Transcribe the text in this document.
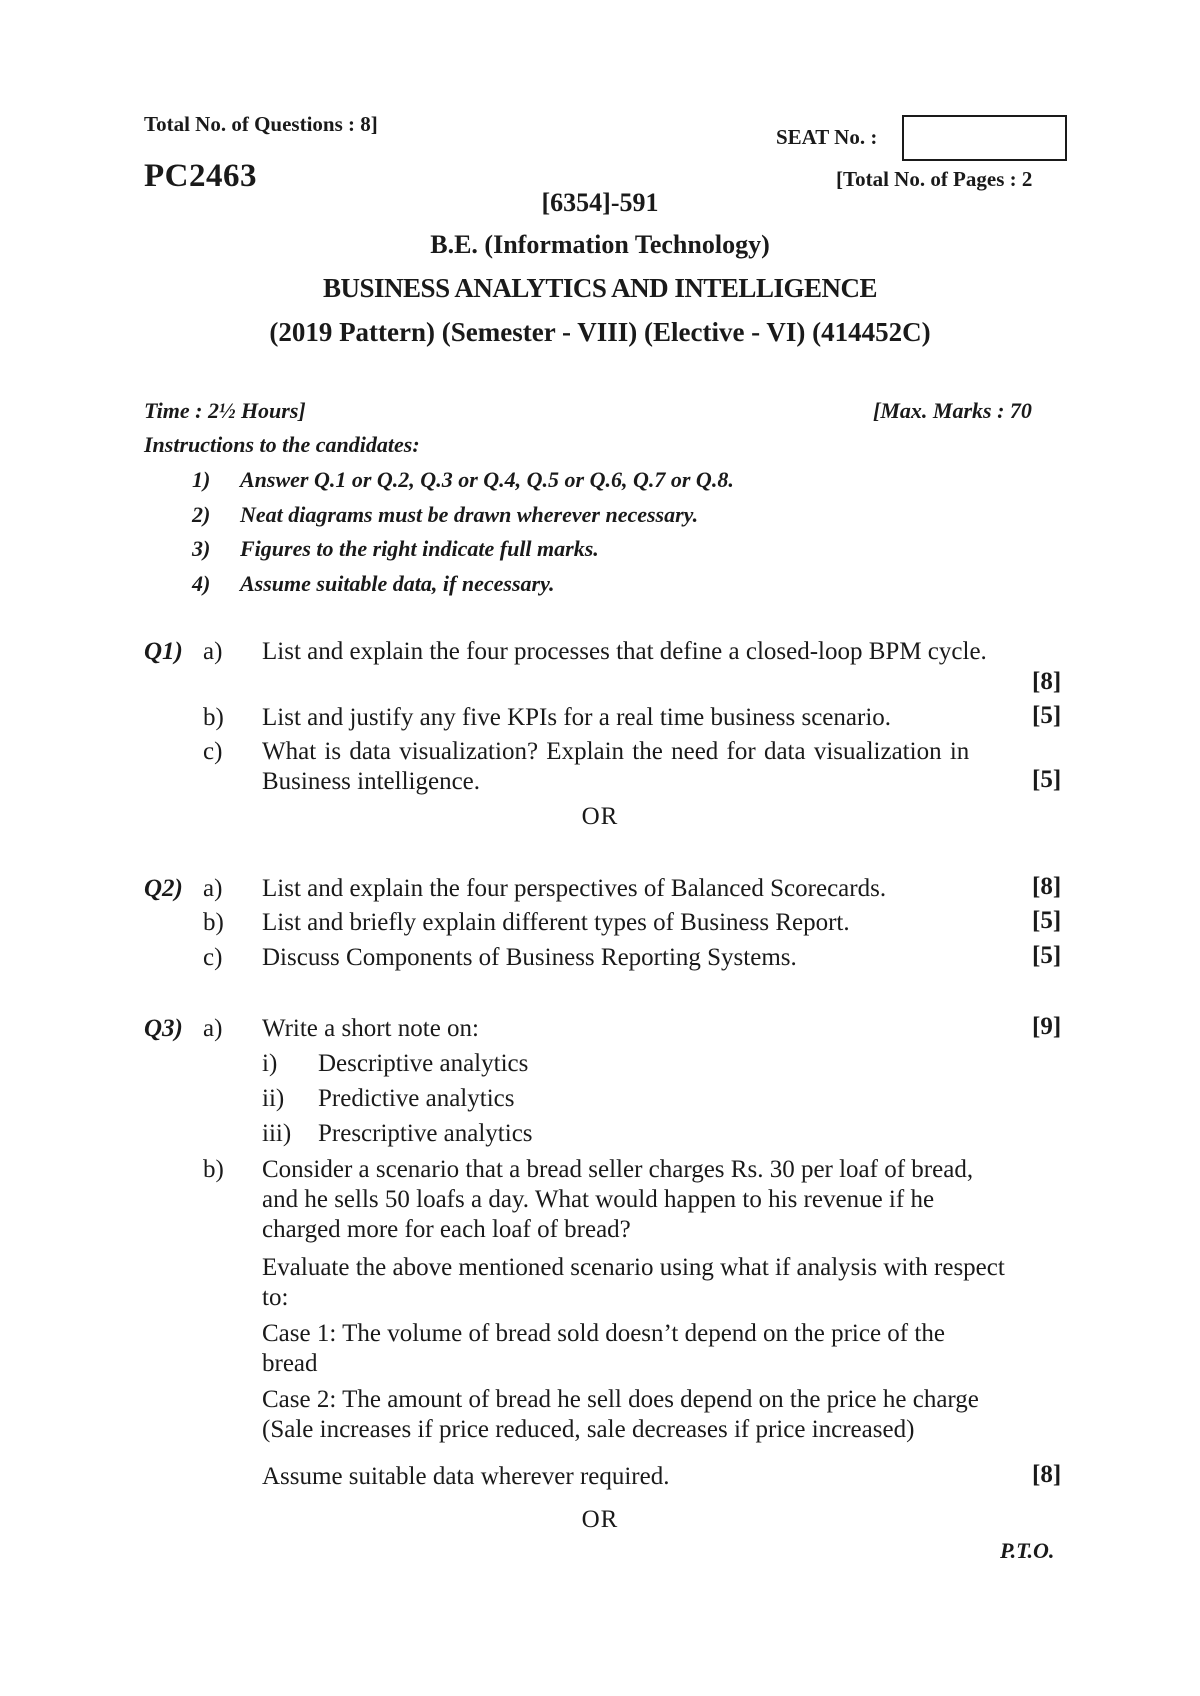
Total No. of Questions : 8]
SEAT No. :
PC2463	[Total No. of Pages : 2
[6354]-591
B.E. (Information Technology)
BUSINESS ANALYTICS AND INTELLIGENCE
(2019 Pattern) (Semester - VIII) (Elective - VI) (414452C)
Time : 2½ Hours]	[Max. Marks : 70
Instructions to the candidates:
1) Answer Q.1 or Q.2, Q.3 or Q.4, Q.5 or Q.6, Q.7 or Q.8.
2) Neat diagrams must be drawn wherever necessary.
3) Figures to the right indicate full marks.
4) Assume suitable data, if necessary.
Q1) a) List and explain the four processes that define a closed-loop BPM cycle.
[8]
b) List and justify any five KPIs for a real time business scenario.	[5]
c) What is data visualization? Explain the need for data visualization in
Business intelligence.	[5]
OR
Q2) a) List and explain the four perspectives of Balanced Scorecards.	[8]
b) List and briefly explain different types of Business Report.	[5]
c) Discuss Components of Business Reporting Systems.	[5]
Q3) a) Write a short note on:	[9]
i) Descriptive analytics
ii) Predictive analytics
iii) Prescriptive analytics
b) Consider a scenario that a bread seller charges Rs. 30 per loaf of bread,
and he sells 50 loafs a day. What would happen to his revenue if he
charged more for each loaf of bread?
Evaluate the above mentioned scenario using what if analysis with respect
to:
Case 1: The volume of bread sold doesn’t depend on the price of the
bread
Case 2: The amount of bread he sell does depend on the price he charge
(Sale increases if price reduced, sale decreases if price increased)
Assume suitable data wherever required.	[8]
OR
P.T.O.
